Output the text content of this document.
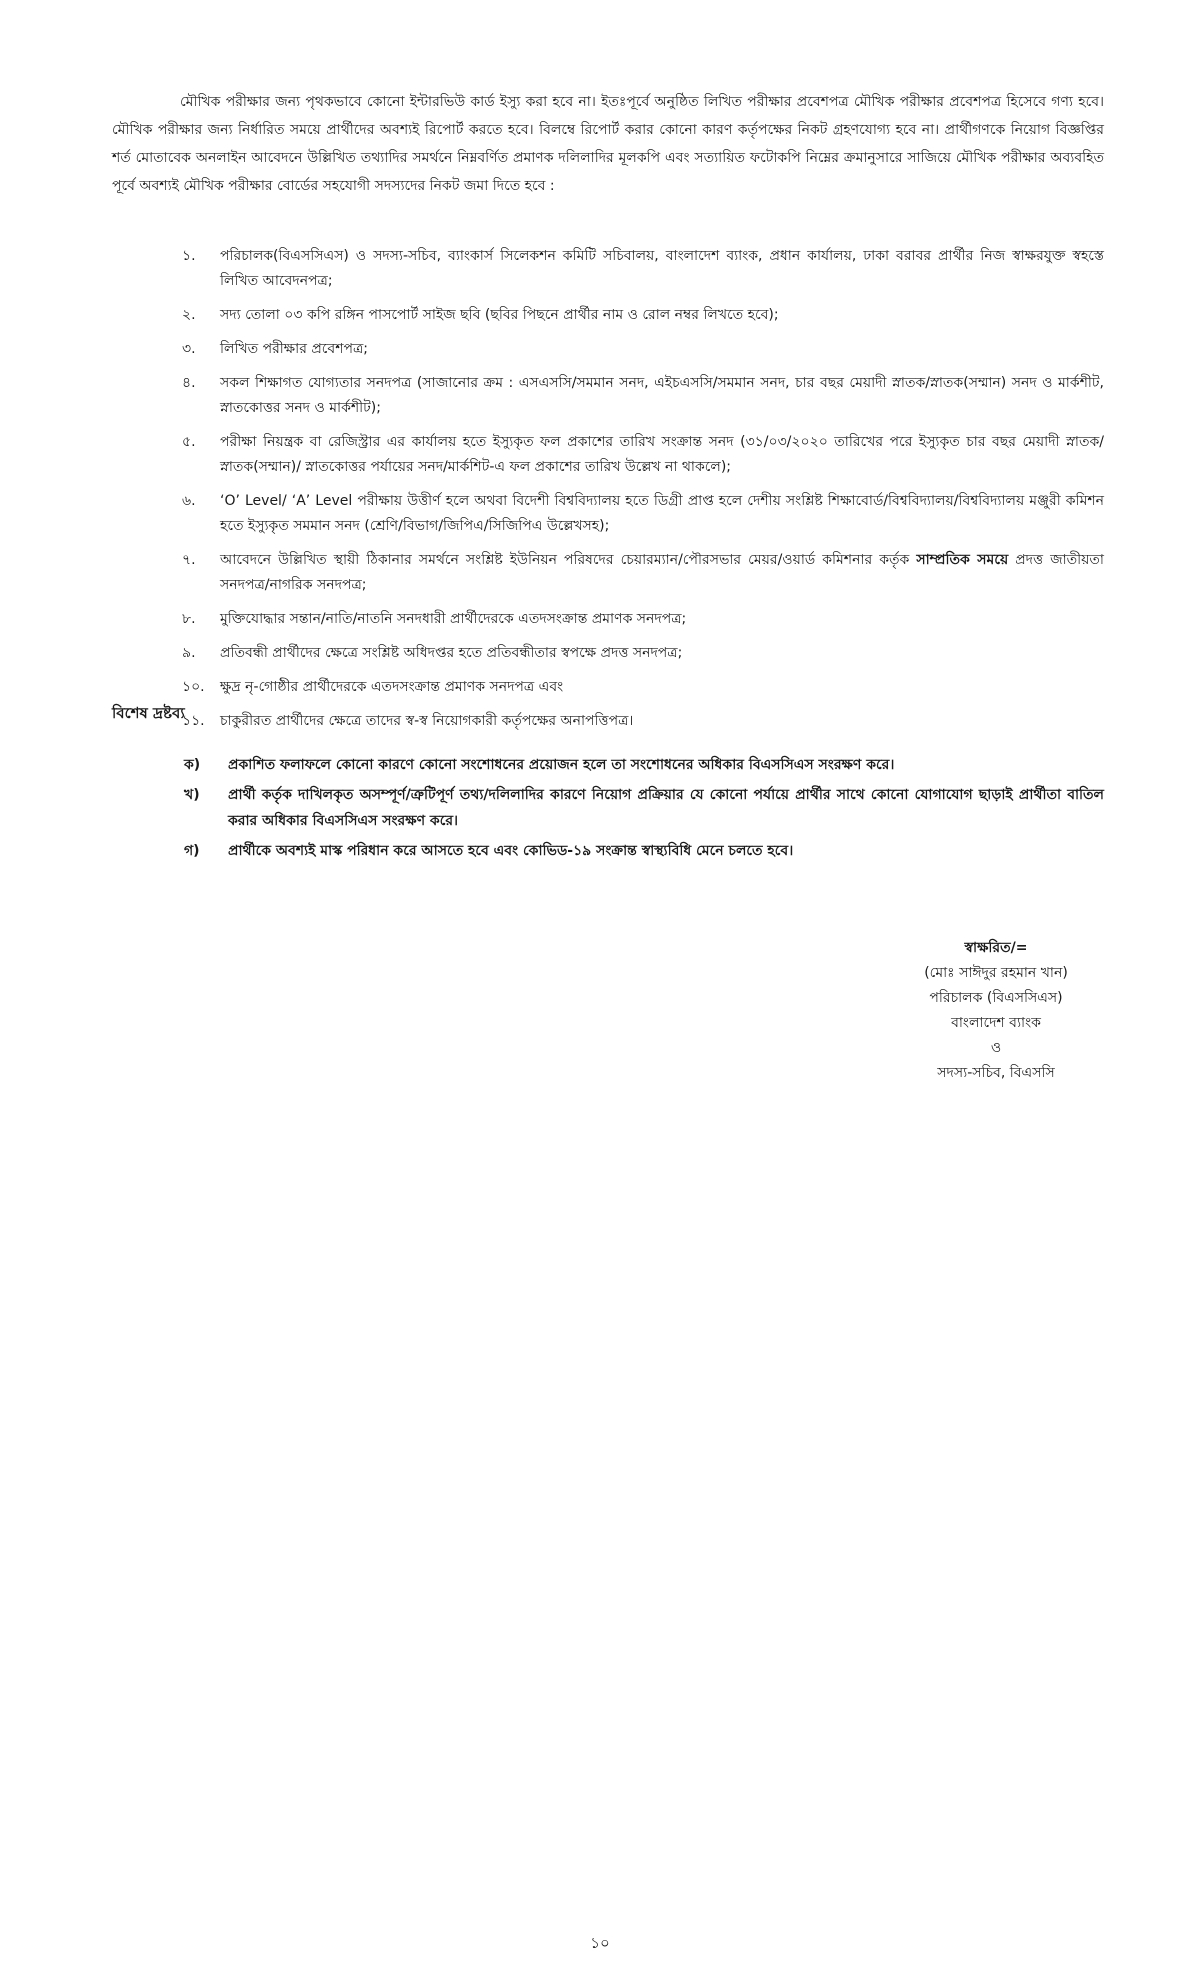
মৌখিক পরীক্ষার জন্য পৃথকভাবে কোনো ইন্টারভিউ কার্ড ইস্যু করা হবে না। ইতঃপূর্বে অনুষ্ঠিত লিখিত পরীক্ষার প্রবেশপত্র মৌখিক পরীক্ষার প্রবেশপত্র হিসেবে গণ্য হবে। মৌখিক পরীক্ষার জন্য নির্ধারিত সময়ে প্রার্থীদের অবশ্যই রিপোর্ট করতে হবে। বিলম্বে রিপোর্ট করার কোনো কারণ কর্তৃপক্ষের নিকট গ্রহণযোগ্য হবে না। প্রার্থীগণকে নিয়োগ বিজ্ঞপ্তির শর্ত মোতাবেক অনলাইন আবেদনে উল্লিখিত তথ্যাদির সমর্থনে নিম্নবর্ণিত প্রমাণক দলিলাদির মূলকপি এবং সত্যায়িত ফটোকপি নিম্নের ক্রমানুসারে সাজিয়ে মৌখিক পরীক্ষার অব্যবহিত পূর্বে অবশ্যই মৌখিক পরীক্ষার বোর্ডের সহযোগী সদস্যদের নিকট জমা দিতে হবে :

১.	পরিচালক(বিএসসিএস) ও সদস্য-সচিব, ব্যাংকার্স সিলেকশন কমিটি সচিবালয়, বাংলাদেশ ব্যাংক, প্রধান কার্যালয়, ঢাকা বরাবর প্রার্থীর নিজ স্বাক্ষরযুক্ত স্বহস্তে লিখিত আবেদনপত্র;
২.	সদ্য তোলা ০৩ কপি রঙ্গিন পাসপোর্ট সাইজ ছবি (ছবির পিছনে প্রার্থীর নাম ও রোল নম্বর লিখতে হবে);
৩.	লিখিত পরীক্ষার প্রবেশপত্র;
৪.	সকল শিক্ষাগত যোগ্যতার সনদপত্র (সাজানোর ক্রম : এসএসসি/সমমান সনদ, এইচএসসি/সমমান সনদ, চার বছর মেয়াদী স্নাতক/স্নাতক(সম্মান) সনদ ও মার্কশীট, স্নাতকোত্তর সনদ ও মার্কশীট);
৫.	পরীক্ষা নিয়ন্ত্রক বা রেজিস্ট্রার এর কার্যালয় হতে ইস্যুকৃত ফল প্রকাশের তারিখ সংক্রান্ত সনদ (৩১/০৩/২০২০ তারিখের পরে ইস্যুকৃত চার বছর মেয়াদী স্নাতক/স্নাতক(সম্মান)/ স্নাতকোত্তর পর্যায়ের সনদ/মার্কশিট-এ ফল প্রকাশের তারিখ উল্লেখ না থাকলে);
৬.	‘O’ Level/ ‘A’ Level পরীক্ষায় উত্তীর্ণ হলে অথবা বিদেশী বিশ্ববিদ্যালয় হতে ডিগ্রী প্রাপ্ত হলে দেশীয় সংশ্লিষ্ট শিক্ষাবোর্ড/বিশ্ববিদ্যালয়/বিশ্ববিদ্যালয় মঞ্জুরী কমিশন হতে ইস্যুকৃত সমমান সনদ (শ্রেণি/বিভাগ/জিপিএ/সিজিপিএ উল্লেখসহ);
৭.	আবেদনে উল্লিখিত স্থায়ী ঠিকানার সমর্থনে সংশ্লিষ্ট ইউনিয়ন পরিষদের চেয়ারম্যান/পৌরসভার মেয়র/ওয়ার্ড কমিশনার কর্তৃক সাম্প্রতিক সময়ে প্রদত্ত জাতীয়তা সনদপত্র/নাগরিক সনদপত্র;
৮.	মুক্তিযোদ্ধার সন্তান/নাতি/নাতনি সনদধারী প্রার্থীদেরকে এতদসংক্রান্ত প্রমাণক সনদপত্র;
৯.	প্রতিবন্ধী প্রার্থীদের ক্ষেত্রে সংশ্লিষ্ট অধিদপ্তর হতে প্রতিবন্ধীতার স্বপক্ষে প্রদত্ত সনদপত্র;
১০.	ক্ষুদ্র নৃ-গোষ্ঠীর প্রার্থীদেরকে এতদসংক্রান্ত প্রমাণক সনদপত্র এবং
১১.	চাকুরীরত প্রার্থীদের ক্ষেত্রে তাদের স্ব-স্ব নিয়োগকারী কর্তৃপক্ষের অনাপত্তিপত্র।
বিশেষ দ্রষ্টব্য
ক)	প্রকাশিত ফলাফলে কোনো কারণে কোনো সংশোধনের প্রয়োজন হলে তা সংশোধনের অধিকার বিএসসিএস সংরক্ষণ করে।
খ)	প্রার্থী কর্তৃক দাখিলকৃত অসম্পূর্ণ/ত্রুটিপূর্ণ তথ্য/দলিলাদির কারণে নিয়োগ প্রক্রিয়ার যে কোনো পর্যায়ে প্রার্থীর সাথে কোনো যোগাযোগ ছাড়াই প্রার্থীতা বাতিল করার অধিকার বিএসসিএস সংরক্ষণ করে।
গ)	প্রার্থীকে অবশ্যই মাস্ক পরিধান করে আসতে হবে এবং কোভিড-১৯ সংক্রান্ত স্বাস্থ্যবিধি মেনে চলতে হবে।
স্বাক্ষরিত/=
(মোঃ সাঈদুর রহমান খান)
পরিচালক (বিএসসিএস)
বাংলাদেশ ব্যাংক
ও
সদস্য-সচিব, বিএসসি
১০
